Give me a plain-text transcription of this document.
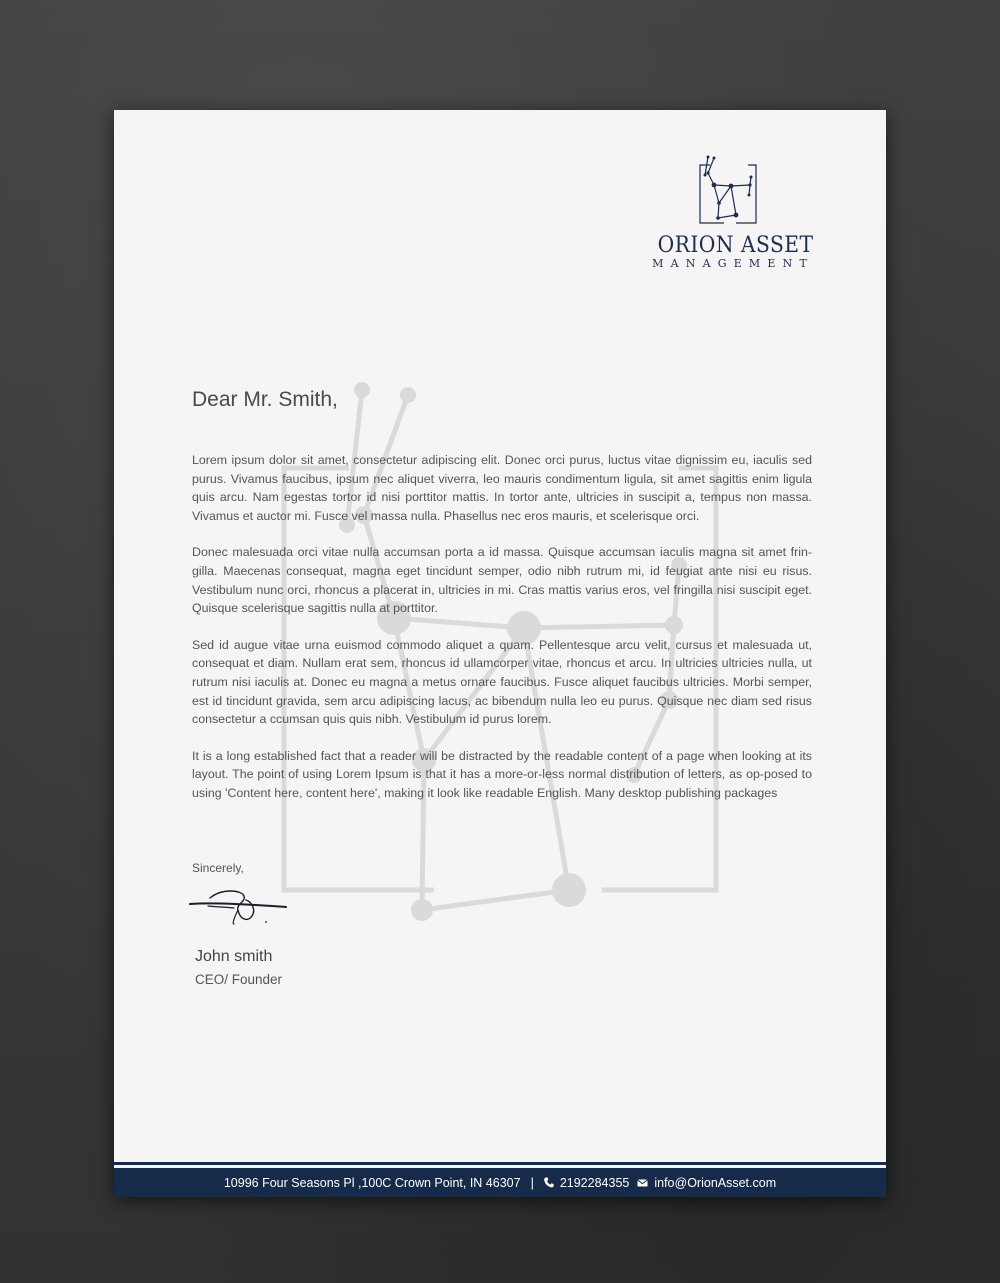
ORION ASSET
MANAGEMENT
Dear Mr. Smith,

Lorem ipsum dolor sit amet, consectetur adipiscing elit. Donec orci purus, luctus vitae dignissim eu, iaculis sed purus. Vivamus faucibus, ipsum nec aliquet viverra, leo mauris condimentum ligula, sit amet sagittis enim ligula quis arcu. Nam egestas tortor id nisi porttitor mattis. In tortor ante, ultricies in suscipit a, tempus non massa. Vivamus et auctor mi. Fusce vel massa nulla. Phasellus nec eros mauris, et scelerisque orci.

Donec malesuada orci vitae nulla accumsan porta a id massa. Quisque accumsan iaculis magna sit amet frin-gilla. Maecenas consequat, magna eget tincidunt semper, odio nibh rutrum mi, id feugiat ante nisi eu risus. Vestibulum nunc orci, rhoncus a placerat in, ultricies in mi. Cras mattis varius eros, vel fringilla nisi suscipit eget. Quisque scelerisque sagittis nulla at porttitor.

Sed id augue vitae urna euismod commodo aliquet a quam. Pellentesque arcu velit, cursus et malesuada ut, consequat et diam. Nullam erat sem, rhoncus id ullamcorper vitae, rhoncus et arcu. In ultricies ultricies nulla, ut rutrum nisi iaculis at. Donec eu magna a metus ornare faucibus. Fusce aliquet faucibus ultricies. Morbi semper, est id tincidunt gravida, sem arcu adipiscing lacus, ac bibendum nulla leo eu purus. Quisque nec diam sed risus consectetur a ccumsan quis quis nibh. Vestibulum id purus lorem.

It is a long established fact that a reader will be distracted by the readable content of a page when looking at its layout. The point of using Lorem Ipsum is that it has a more-or-less normal distribution of letters, as op-posed to using 'Content here, content here', making it look like readable English. Many desktop publishing packages

Sincerely,
John smith
CEO/ Founder
10996 Four Seasons Pl ,100C Crown Point, IN 46307 | 2192284355 info@OrionAsset.com
